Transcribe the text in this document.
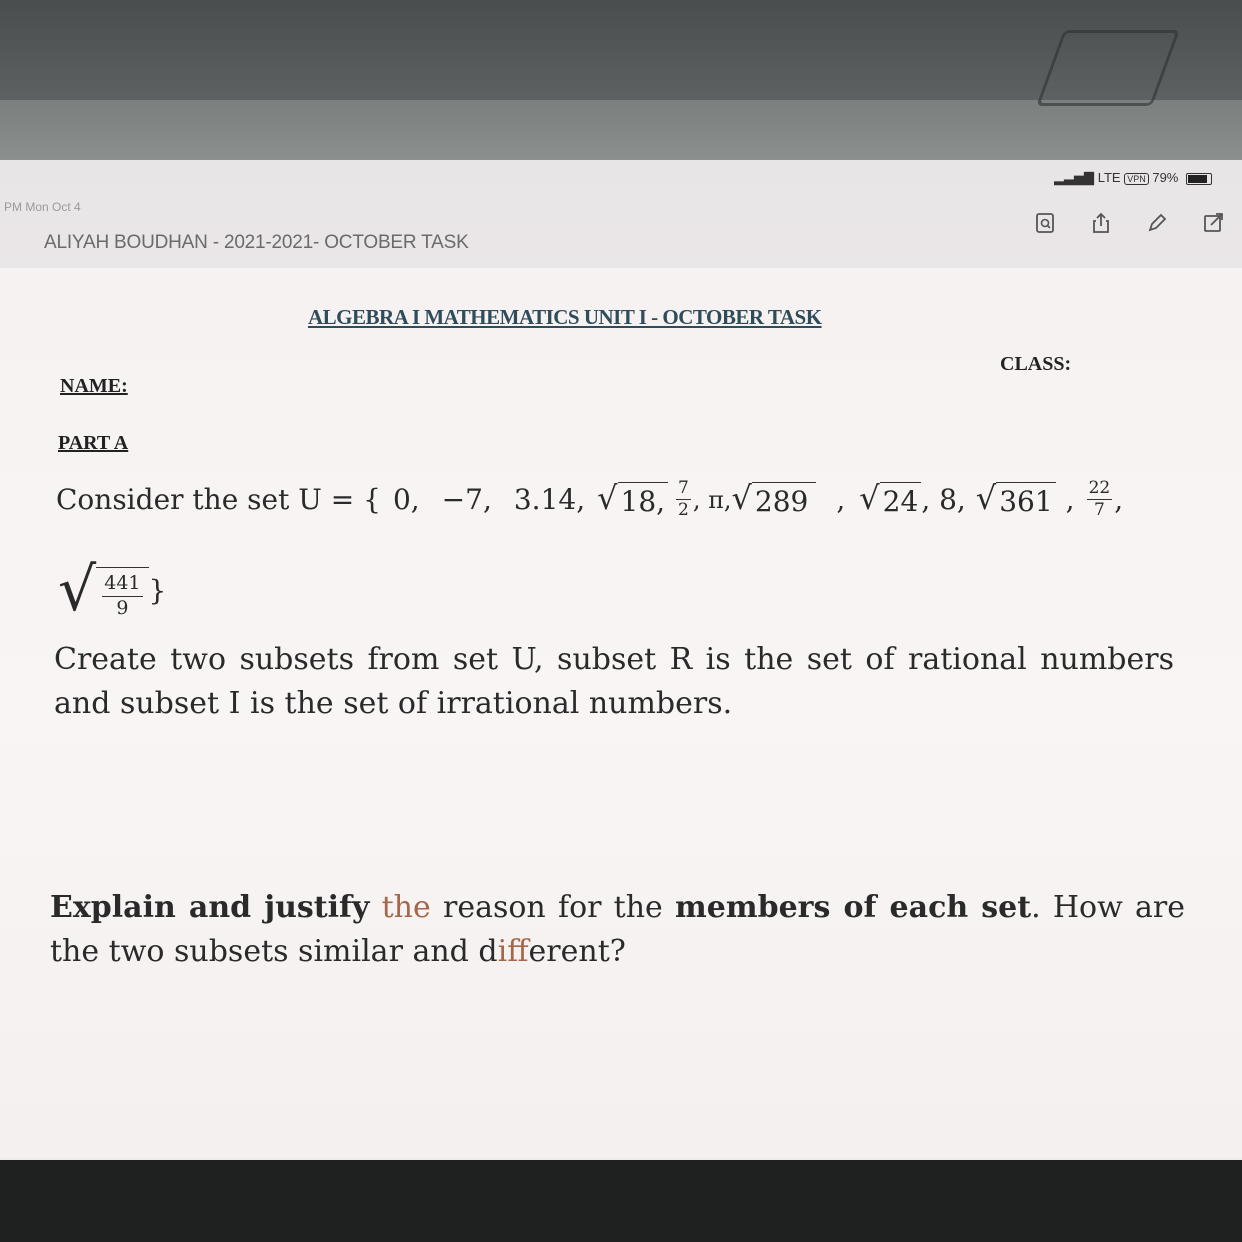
▂▃▅▇ LTE VPN 79%
PM Mon Oct 4
ALIYAH BOUDHAN - 2021-2021- OCTOBER TASK
ALGEBRA I MATHEMATICS UNIT I - OCTOBER TASK
CLASS:
NAME:
PART A
Consider the set U = { 0, −7, 3.14, √ 18, $\frac{7}{2}$ , π, √ 289 , √ 24 , 8, √ 361 , $\frac{22}{7}$ ,
√ $\frac{441}{9}$ }
Create two subsets from set U, subset R is the set of rational numbers and subset I is the set of irrational numbers.
Explain and justify the reason for the members of each set. How are the two subsets similar and different?
